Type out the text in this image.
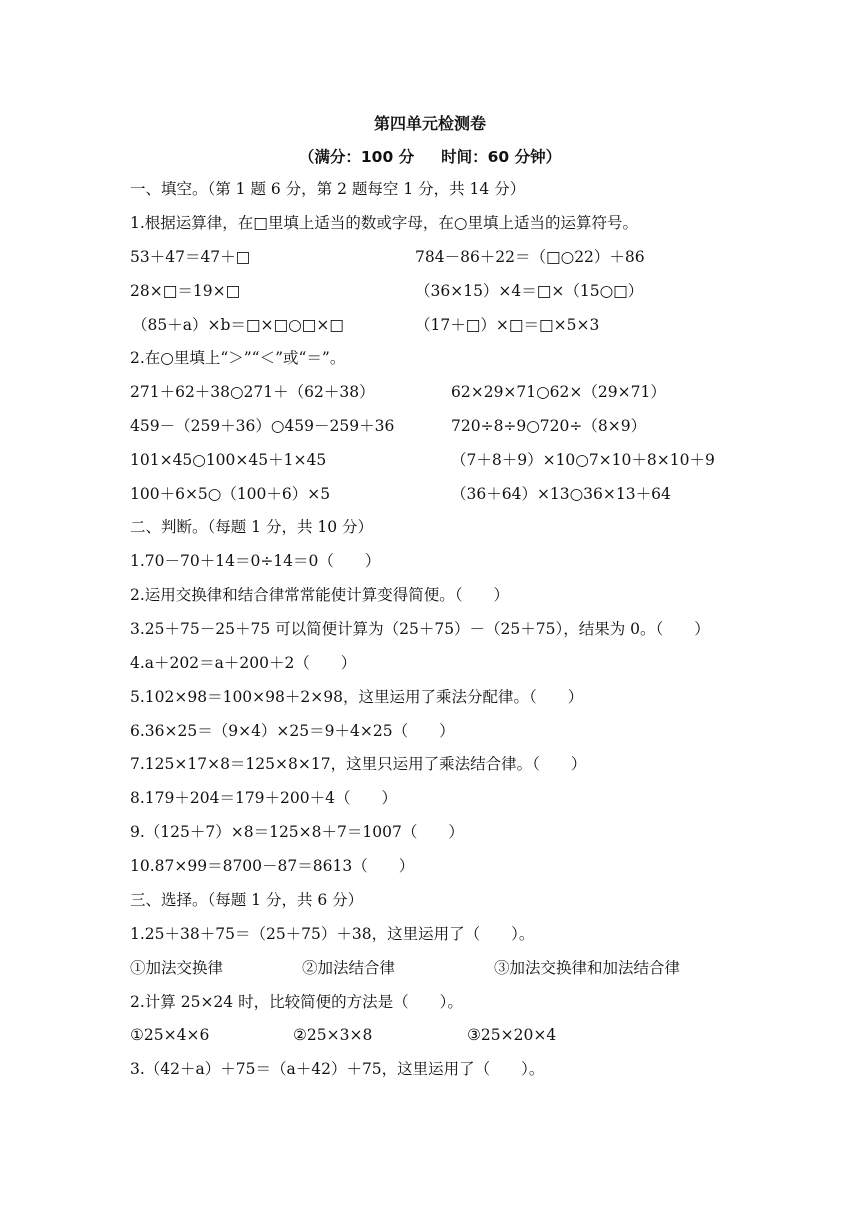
第四单元检测卷
（满分：100 分     时间：60 分钟）
一、填空。（第 1 题 6 分，第 2 题每空 1 分，共 14 分）
1.根据运算律，在□里填上适当的数或字母，在○里填上适当的运算符号。
53＋47＝47＋□	784－86＋22＝（□○22）＋86
28×□＝19×□	（36×15）×4＝□×（15○□）
（85＋a）×b＝□×□○□×□	（17＋□）×□＝□×5×3
2.在○里填上“＞”“＜”或“＝”。
271＋62＋38○271＋（62＋38）	62×29×71○62×（29×71）
459－（259＋36）○459－259＋36	720÷8÷9○720÷（8×9）
101×45○100×45＋1×45	（7＋8＋9）×10○7×10＋8×10＋9
100＋6×5○（100＋6）×5	（36＋64）×13○36×13＋64
二、判断。（每题 1 分，共 10 分）
1.70－70＋14＝0÷14＝0（　　）
2.运用交换律和结合律常常能使计算变得简便。（　　）
3.25＋75－25＋75 可以简便计算为（25＋75）－（25＋75），结果为 0。（　　）
4.a＋202＝a＋200＋2（　　）
5.102×98＝100×98＋2×98，这里运用了乘法分配律。（　　）
6.36×25＝（9×4）×25＝9＋4×25（　　）
7.125×17×8＝125×8×17，这里只运用了乘法结合律。（　　）
8.179＋204＝179＋200＋4（　　）
9.（125＋7）×8＝125×8＋7＝1007（　　）
10.87×99＝8700－87＝8613（　　）
三、选择。（每题 1 分，共 6 分）
1.25＋38＋75＝（25＋75）＋38，这里运用了（　　）。
①加法交换律	②加法结合律	③加法交换律和加法结合律
2.计算 25×24 时，比较简便的方法是（　　）。
①25×4×6	②25×3×8	③25×20×4
3.（42＋a）＋75＝（a＋42）＋75，这里运用了（　　）。
